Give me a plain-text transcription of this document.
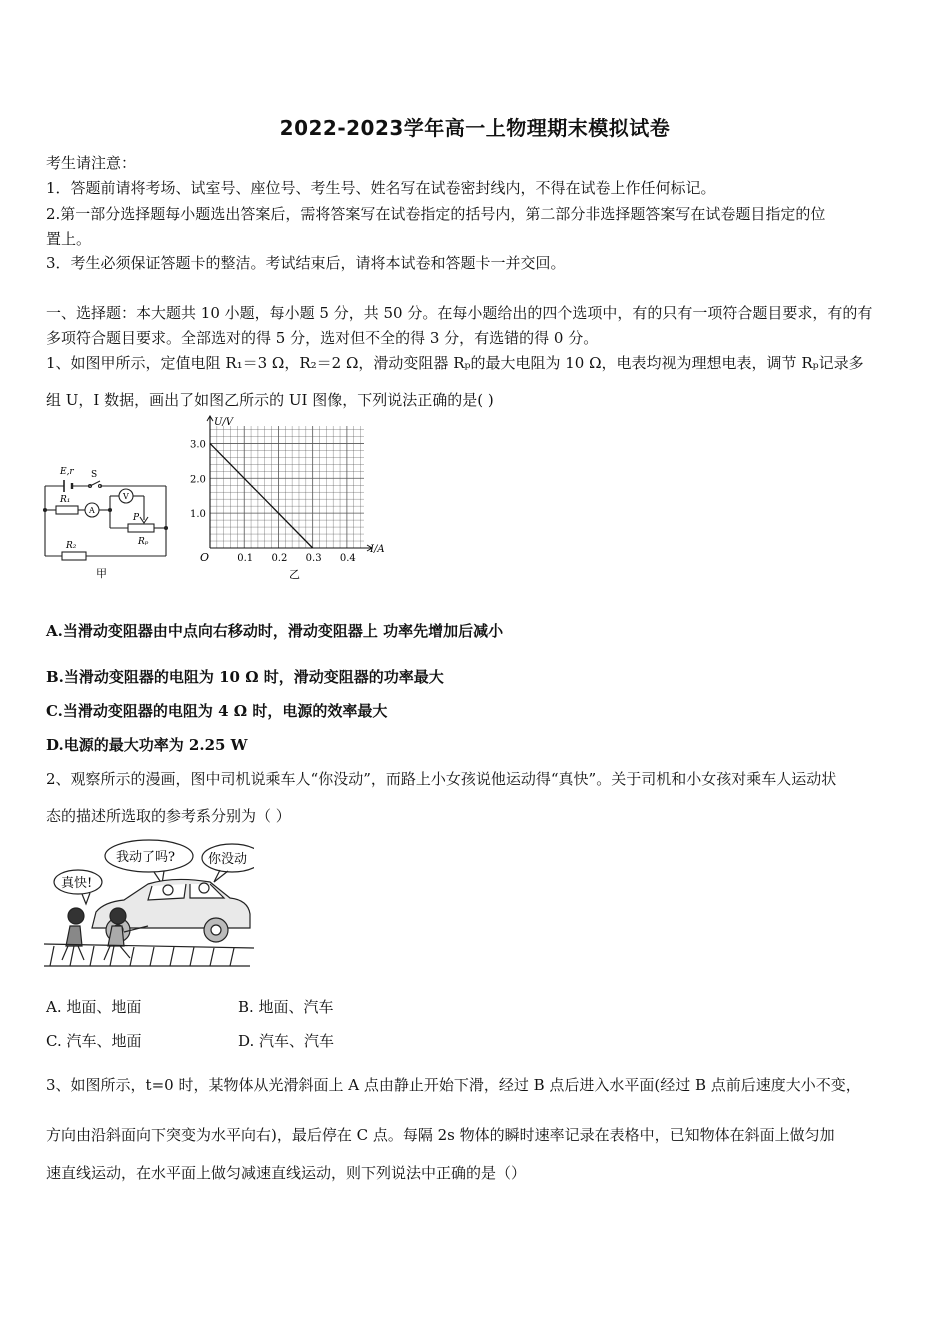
2022-2023学年高一上物理期末模拟试卷
考生请注意：
1．答题前请将考场、试室号、座位号、考生号、姓名写在试卷密封线内，不得在试卷上作任何标记。
2.第一部分选择题每小题选出答案后，需将答案写在试卷指定的括号内，第二部分非选择题答案写在试卷题目指定的位
置上。
3．考生必须保证答题卡的整洁。考试结束后，请将本试卷和答题卡一并交回。
一、选择题：本大题共 10 小题，每小题 5 分，共 50 分。在每小题给出的四个选项中，有的只有一项符合题目要求，有的有
多项符合题目要求。全部选对的得 5 分，选对但不全的得 3 分，有选错的得 0 分。
1、如图甲所示，定值电阻 R₁＝3 Ω，R₂＝2 Ω，滑动变阻器 Rₚ的最大电阻为 10 Ω，电表均视为理想电表，调节 Rₚ记录多
组 U，I 数据，画出了如图乙所示的 UI 图像，下列说法正确的是( )
E,r S
R₁
A
V
P
Rₚ
R₂
甲
0.1 0.2 0.3 0.4
1.0
2.0
3.0
U/V
I/A
O
乙
A.当滑动变阻器由中点向右移动时，滑动变阻器上 功率先增加后减小
B.当滑动变阻器的电阻为 10 Ω 时，滑动变阻器的功率最大
C.当滑动变阻器的电阻为 4 Ω 时，电源的效率最大
D.电源的最大功率为 2.25 W
2、观察所示的漫画，图中司机说乘车人“你没动”，而路上小女孩说他运动得“真快”。关于司机和小女孩对乘车人运动状
态的描述所选取的参考系分别为（ ）
我动了吗?	你没动
真快!
A. 地面、地面	B. 地面、汽车
C. 汽车、地面	D. 汽车、汽车
3、如图所示，t=0 时，某物体从光滑斜面上 A 点由静止开始下滑，经过 B 点后进入水平面(经过 B 点前后速度大小不变，
方向由沿斜面向下突变为水平向右)，最后停在 C 点。每隔 2s 物体的瞬时速率记录在表格中，已知物体在斜面上做匀加
速直线运动，在水平面上做匀减速直线运动，则下列说法中正确的是（）
